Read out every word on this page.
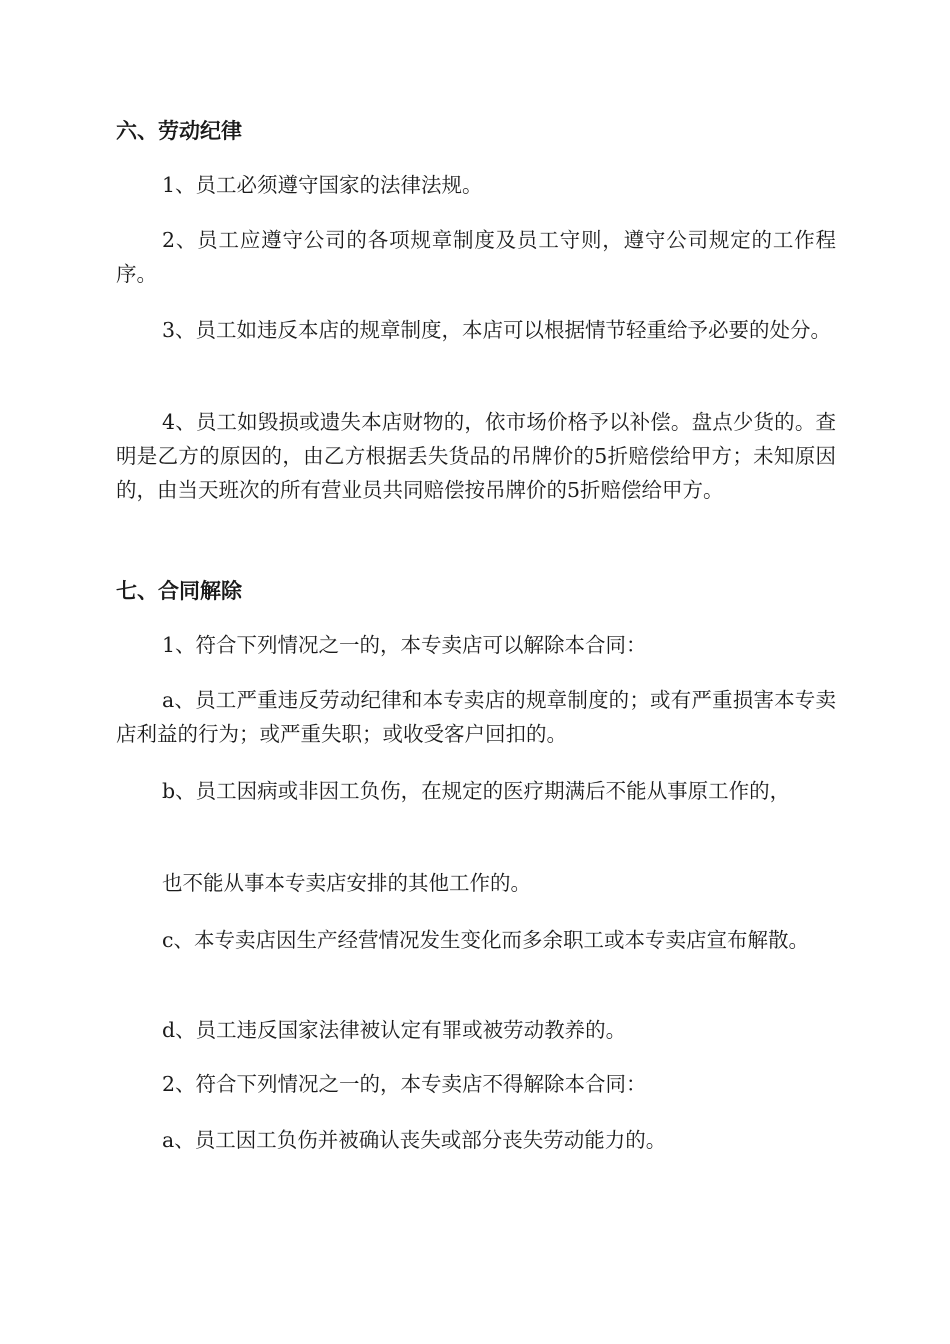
六、劳动纪律
1、员工必须遵守国家的法律法规。
2、员工应遵守公司的各项规章制度及员工守则，遵守公司规定的工作程序。
3、员工如违反本店的规章制度，本店可以根据情节轻重给予必要的处分。
4、员工如毁损或遗失本店财物的，依市场价格予以补偿。盘点少货的。查明是乙方的原因的，由乙方根据丢失货品的吊牌价的5折赔偿给甲方；未知原因的，由当天班次的所有营业员共同赔偿按吊牌价的5折赔偿给甲方。
七、合同解除
1、符合下列情况之一的，本专卖店可以解除本合同：
a、员工严重违反劳动纪律和本专卖店的规章制度的；或有严重损害本专卖店利益的行为；或严重失职；或收受客户回扣的。
b、员工因病或非因工负伤，在规定的医疗期满后不能从事原工作的，
也不能从事本专卖店安排的其他工作的。
c、本专卖店因生产经营情况发生变化而多余职工或本专卖店宣布解散。
d、员工违反国家法律被认定有罪或被劳动教养的。
2、符合下列情况之一的，本专卖店不得解除本合同：
a、员工因工负伤并被确认丧失或部分丧失劳动能力的。
